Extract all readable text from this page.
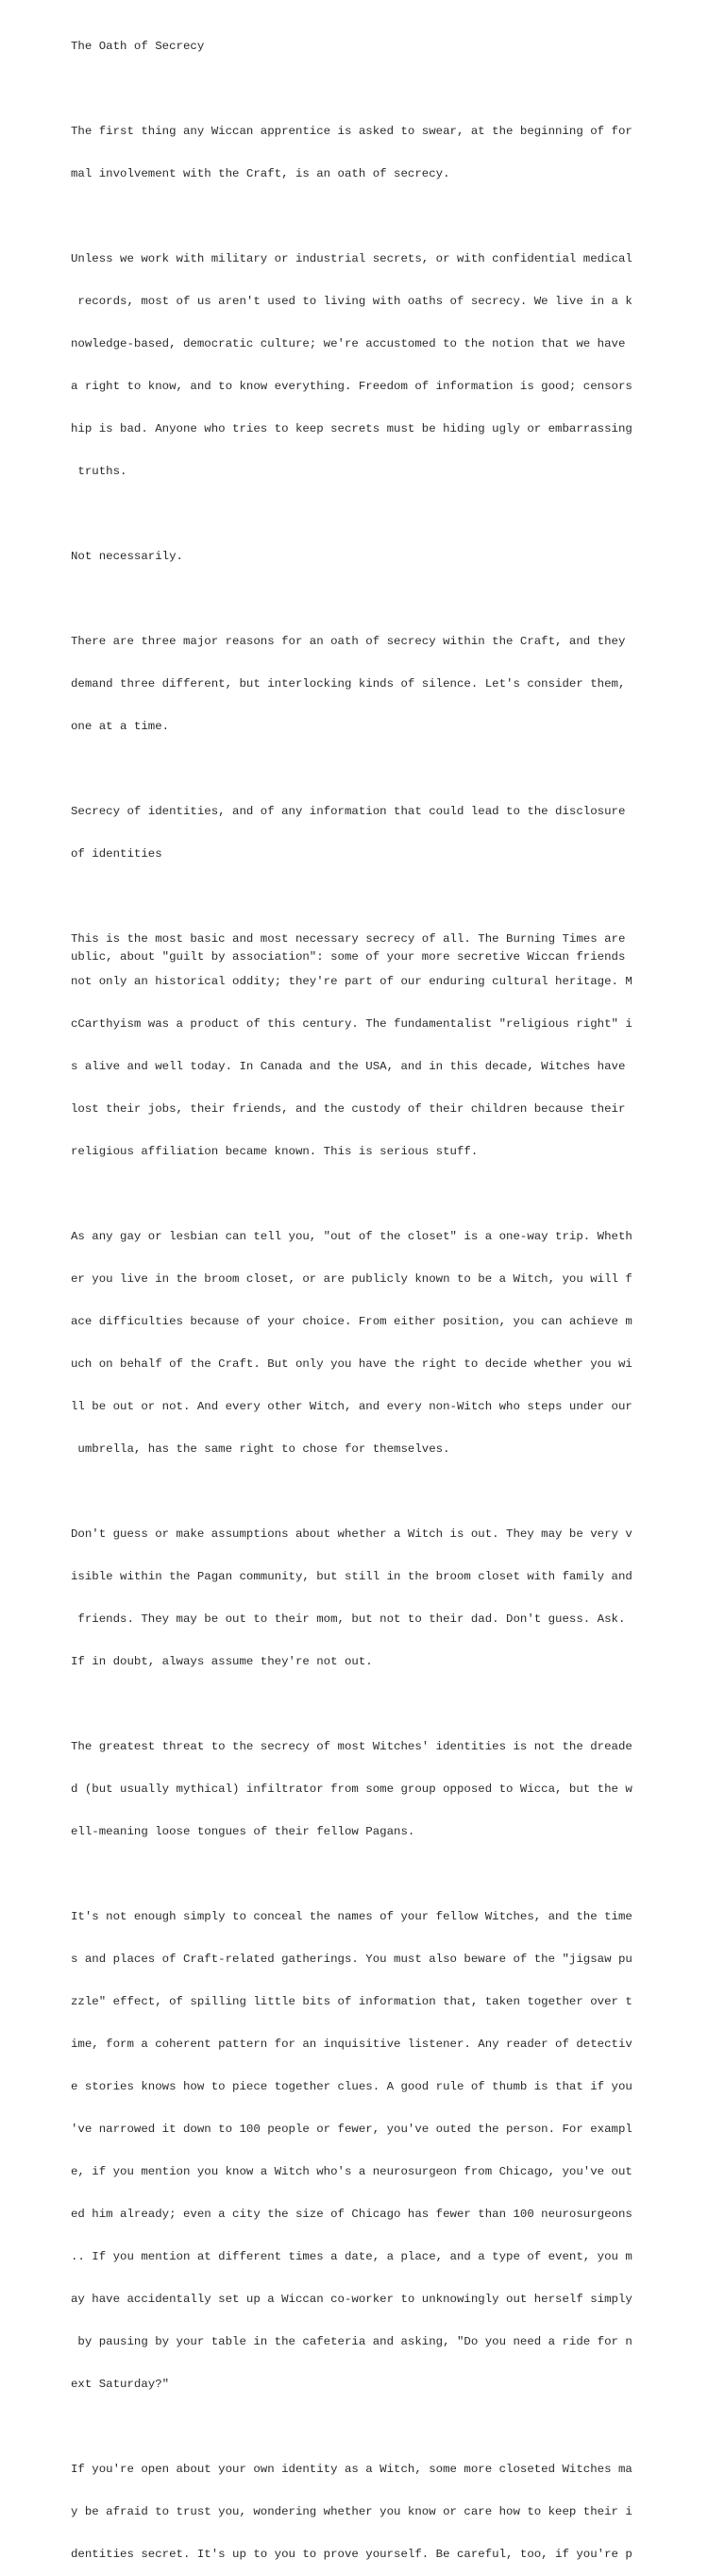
The Oath of Secrecy

The first thing any Wiccan apprentice is asked to swear, at the beginning of for

mal involvement with the Craft, is an oath of secrecy.

Unless we work with military or industrial secrets, or with confidential medical

records, most of us aren't used to living with oaths of secrecy. We live in a k

nowledge-based, democratic culture; we're accustomed to the notion that we have

a right to know, and to know everything. Freedom of information is good; censors

hip is bad. Anyone who tries to keep secrets must be hiding ugly or embarrassing

truths.

Not necessarily.

There are three major reasons for an oath of secrecy within the Craft, and they

demand three different, but interlocking kinds of silence. Let's consider them,

one at a time.

Secrecy of identities, and of any information that could lead to the disclosure

of identities

This is the most basic and most necessary secrecy of all. The Burning Times are

not only an historical oddity; they're part of our enduring cultural heritage. M

cCarthyism was a product of this century. The fundamentalist "religious right" i

s alive and well today. In Canada and the USA, and in this decade, Witches have

lost their jobs, their friends, and the custody of their children because their

religious affiliation became known. This is serious stuff.

As any gay or lesbian can tell you, "out of the closet" is a one-way trip. Wheth

er you live in the broom closet, or are publicly known to be a Witch, you will f

ace difficulties because of your choice. From either position, you can achieve m

uch on behalf of the Craft. But only you have the right to decide whether you wi

ll be out or not. And every other Witch, and every non-Witch who steps under our

umbrella, has the same right to chose for themselves.

Don't guess or make assumptions about whether a Witch is out. They may be very v

isible within the Pagan community, but still in the broom closet with family and

friends. They may be out to their mom, but not to their dad. Don't guess. Ask.

If in doubt, always assume they're not out.

The greatest threat to the secrecy of most Witches' identities is not the dreade

d (but usually mythical) infiltrator from some group opposed to Wicca, but the w

ell-meaning loose tongues of their fellow Pagans.

It's not enough simply to conceal the names of your fellow Witches, and the time

s and places of Craft-related gatherings. You must also beware of the "jigsaw pu

zzle" effect, of spilling little bits of information that, taken together over t

ime, form a coherent pattern for an inquisitive listener. Any reader of detectiv

e stories knows how to piece together clues. A good rule of thumb is that if you

've narrowed it down to 100 people or fewer, you've outed the person. For exampl

e, if you mention you know a Witch who's a neurosurgeon from Chicago, you've out

ed him already; even a city the size of Chicago has fewer than 100 neurosurgeons

.. If you mention at different times a date, a place, and a type of event, you m

ay have accidentally set up a Wiccan co-worker to unknowingly out herself simply

by pausing by your table in the cafeteria and asking, "Do you need a ride for n

ext Saturday?"

If you're open about your own identity as a Witch, some more closeted Witches ma

y be afraid to trust you, wondering whether you know or care how to keep their i

dentities secret. It's up to you to prove yourself. Be careful, too, if you're p

ublic, about "guilt by association": some of your more secretive Wiccan friends
